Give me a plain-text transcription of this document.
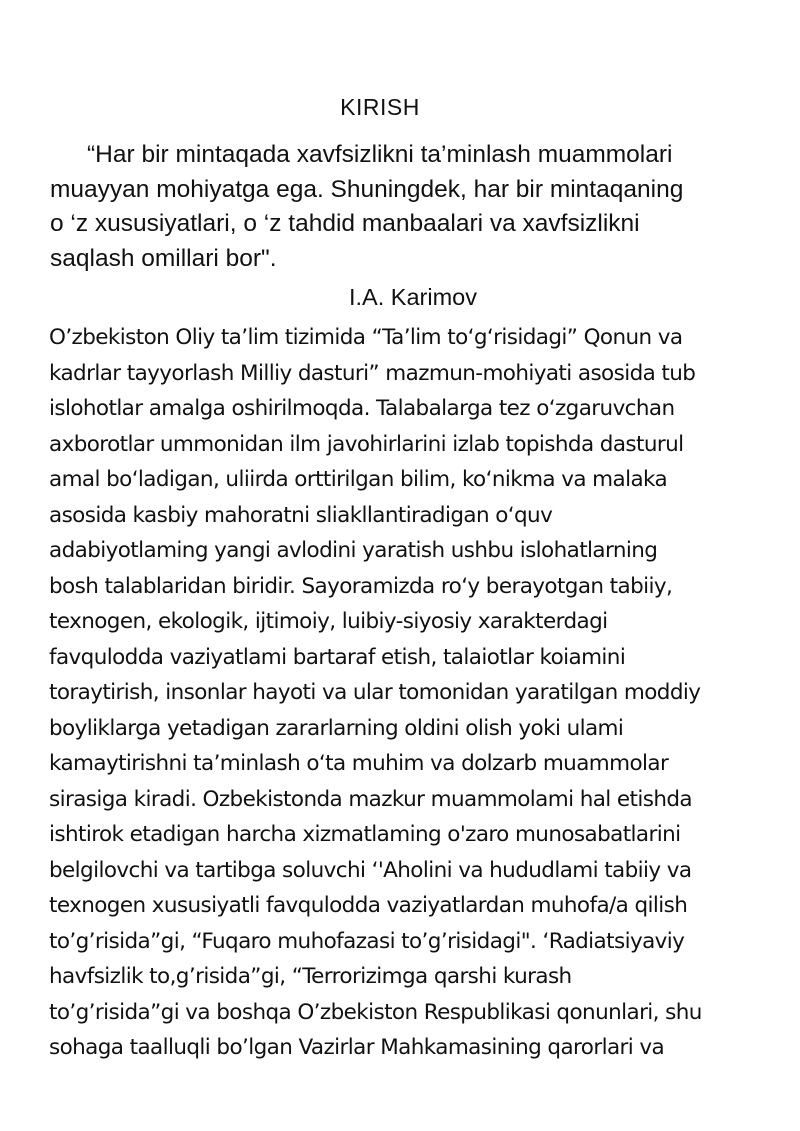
KIRISH

“Har bir mintaqada xavfsizlikni ta’minlash muammolari
muayyan mohiyatga ega. Shuningdek, har bir mintaqaning
o ‘z xususiyatlari, o ‘z tahdid manbaalari va xavfsizlikni
saqlash omillari bor".

I.A. Karimov

O’zbekiston Oliy ta’lim tizimida “Ta’lim to‘g‘risidagi” Qonun va
kadrlar tayyorlash Milliy dasturi” mazmun-mohiyati asosida tub
islohotlar amalga oshirilmoqda. Talabalarga tez o‘zgaruvchan
axborotlar ummonidan ilm javohirlarini izlab topishda dasturul
amal bo‘ladigan, uliirda orttirilgan bilim, ko‘nikma va malaka
asosida kasbiy mahoratni sliakllantiradigan o‘quv
adabiyotlaming yangi avlodini yaratish ushbu islohatlarning
bosh talablaridan biridir. Sayoramizda ro‘y berayotgan tabiiy,
texnogen, ekologik, ijtimoiy, luibiy-siyosiy xarakterdagi
favqulodda vaziyatlami bartaraf etish, talaiotlar koiamini
toraytirish, insonlar hayoti va ular tomonidan yaratilgan moddiy
boyliklarga yetadigan zararlarning oldini olish yoki ulami
kamaytirishni ta’minlash o‘ta muhim va dolzarb muammolar
sirasiga kiradi. Ozbekistonda mazkur muammolami hal etishda
ishtirok etadigan harcha xizmatlaming o'zaro munosabatlarini
belgilovchi va tartibga soluvchi ‘'Aholini va hududlami tabiiy va
texnogen xususiyatli favqulodda vaziyatlardan muhofa/a qilish
to’g’risida”gi, “Fuqaro muhofazasi to’g’risidagi". ‘Radiatsiyaviy
havfsizlik to,g’risida”gi, “Terrorizimga qarshi kurash
to’g’risida”gi va boshqa O’zbekiston Respublikasi qonunlari, shu
sohaga taalluqli bo’lgan Vazirlar Mahkamasining qarorlari va
